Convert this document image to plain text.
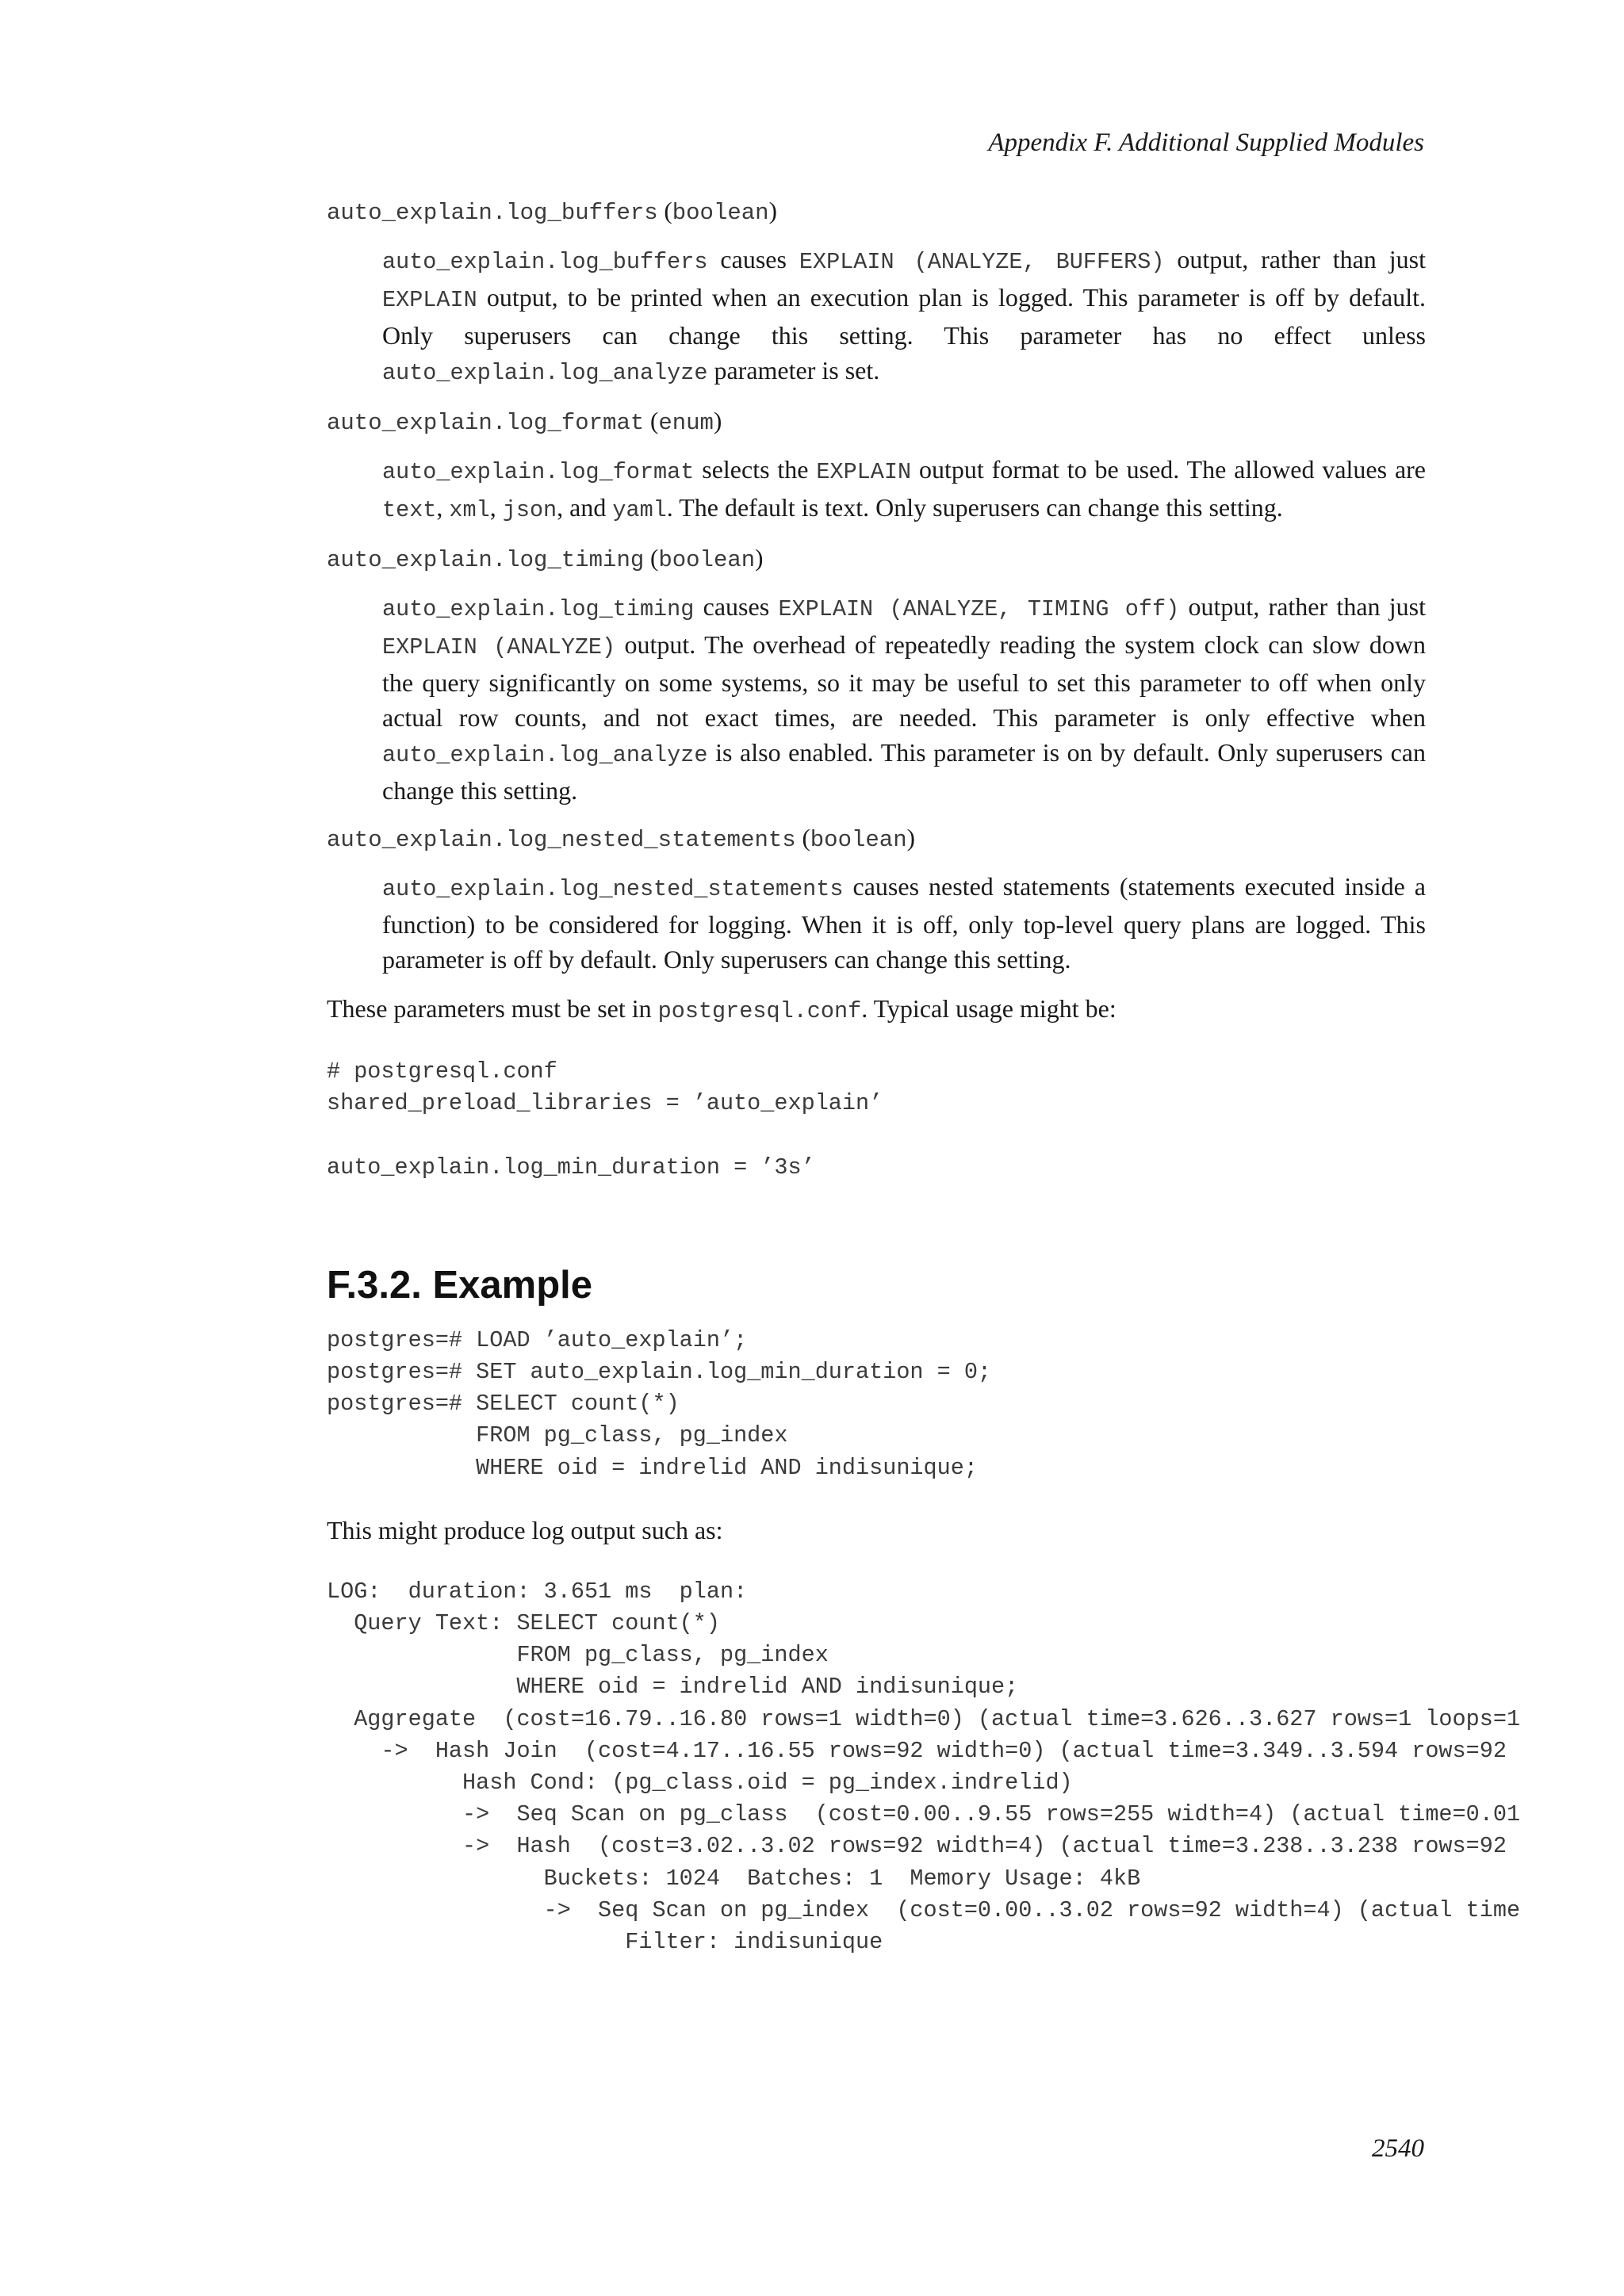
Appendix F. Additional Supplied Modules

auto_explain.log_buffers (boolean)

auto_explain.log_buffers causes EXPLAIN (ANALYZE, BUFFERS) output, rather than just EXPLAIN output, to be printed when an execution plan is logged. This parameter is off by default. Only superusers can change this setting. This parameter has no effect unless auto_explain.log_analyze parameter is set.

auto_explain.log_format (enum)

auto_explain.log_format selects the EXPLAIN output format to be used. The allowed values are text, xml, json, and yaml. The default is text. Only superusers can change this setting.

auto_explain.log_timing (boolean)

auto_explain.log_timing causes EXPLAIN (ANALYZE, TIMING off) output, rather than just EXPLAIN (ANALYZE) output. The overhead of repeatedly reading the system clock can slow down the query significantly on some systems, so it may be useful to set this parameter to off when only actual row counts, and not exact times, are needed. This parameter is only effective when auto_explain.log_analyze is also enabled. This parameter is on by default. Only superusers can change this setting.

auto_explain.log_nested_statements (boolean)

auto_explain.log_nested_statements causes nested statements (statements executed inside a function) to be considered for logging. When it is off, only top-level query plans are logged. This parameter is off by default. Only superusers can change this setting.

These parameters must be set in postgresql.conf. Typical usage might be:

# postgresql.conf
shared_preload_libraries = ’auto_explain’

auto_explain.log_min_duration = ’3s’
F.3.2. Example
postgres=# LOAD ’auto_explain’;
postgres=# SET auto_explain.log_min_duration = 0;
postgres=# SELECT count(*)
FROM pg_class, pg_index
WHERE oid = indrelid AND indisunique;

This might produce log output such as:

LOG:  duration: 3.651 ms  plan:
Query Text: SELECT count(*)
FROM pg_class, pg_index
WHERE oid = indrelid AND indisunique;
Aggregate  (cost=16.79..16.80 rows=1 width=0) (actual time=3.626..3.627 rows=1 loops=1
->  Hash Join  (cost=4.17..16.55 rows=92 width=0) (actual time=3.349..3.594 rows=92
Hash Cond: (pg_class.oid = pg_index.indrelid)
->  Seq Scan on pg_class  (cost=0.00..9.55 rows=255 width=4) (actual time=0.01
->  Hash  (cost=3.02..3.02 rows=92 width=4) (actual time=3.238..3.238 rows=92
Buckets: 1024  Batches: 1  Memory Usage: 4kB
->  Seq Scan on pg_index  (cost=0.00..3.02 rows=92 width=4) (actual time
Filter: indisunique
2540
